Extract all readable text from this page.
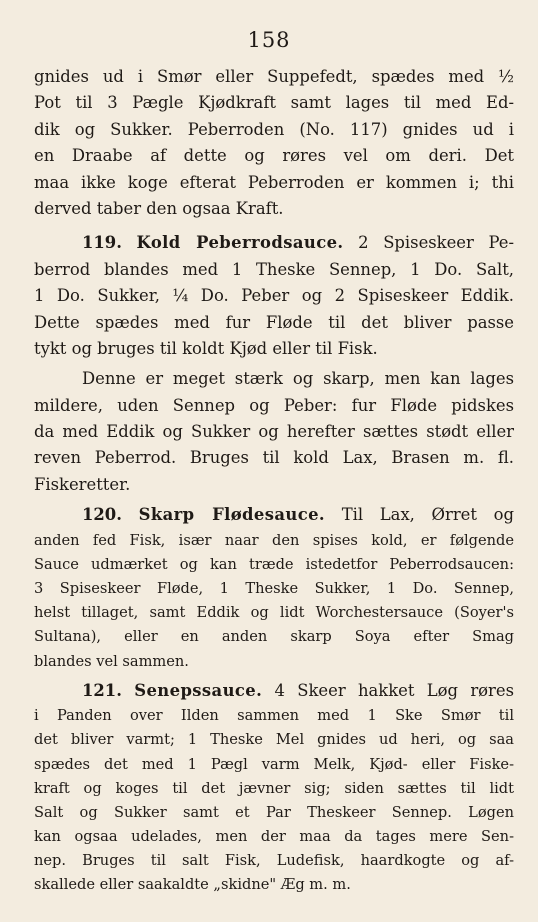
158
gnides ud i Smør eller Suppefedt, spædes med ½
Pot til 3 Pægle Kjødkraft samt lages til med Ed-
dik og Sukker. Peberroden (No. 117) gnides ud i
en Draabe af dette og røres vel om deri. Det
maa ikke koge efterat Peberroden er kommen i; thi
derved taber den ogsaa Kraft.
119. Kold Peberrodsauce. 2 Spiseskeer Pe-
berrod blandes med 1 Theske Sennep, 1 Do. Salt,
1 Do. Sukker, ¼ Do. Peber og 2 Spiseskeer Eddik.
Dette spædes med fur Fløde til det bliver passe
tykt og bruges til koldt Kjød eller til Fisk.
Denne er meget stærk og skarp, men kan lages
mildere, uden Sennep og Peber: fur Fløde pidskes
da med Eddik og Sukker og herefter sættes stødt eller
reven Peberrod. Bruges til kold Lax, Brasen m. fl.
Fiskeretter.
120. Skarp Flødesauce. Til Lax, Ørret og
anden fed Fisk, især naar den spises kold, er følgende
Sauce udmærket og kan træde istedetfor Peberrodsaucen:
3 Spiseskeer Fløde, 1 Theske Sukker, 1 Do. Sennep,
helst tillaget, samt Eddik og lidt Worchestersauce (Soyer's
Sultana), eller en anden skarp Soya efter Smag
blandes vel sammen.
121. Senepssauce. 4 Skeer hakket Løg røres
i Panden over Ilden sammen med 1 Ske Smør til
det bliver varmt; 1 Theske Mel gnides ud heri, og saa
spædes det med 1 Pægl varm Melk, Kjød- eller Fiske-
kraft og koges til det jævner sig; siden sættes til lidt
Salt og Sukker samt et Par Theskeer Sennep. Løgen
kan ogsaa udelades, men der maa da tages mere Sen-
nep. Bruges til salt Fisk, Ludefisk, haardkogte og af-
skallede eller saakaldte „skidne" Æg m. m.
